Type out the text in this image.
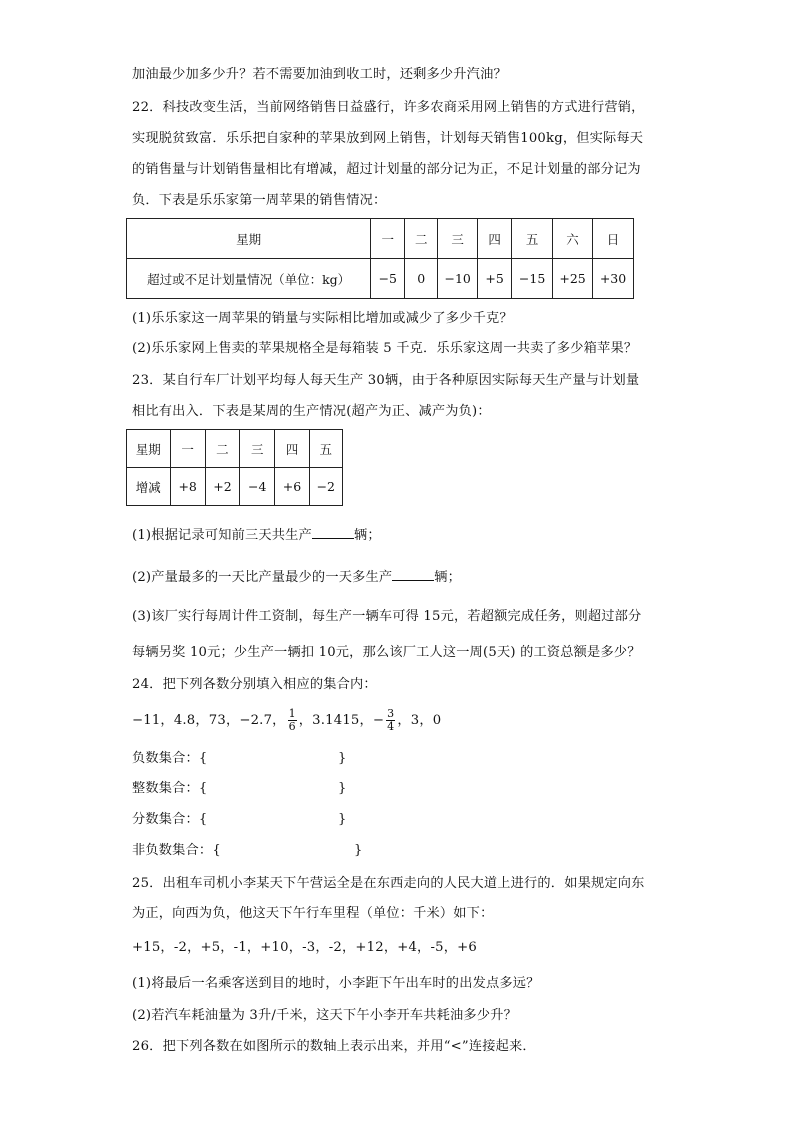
加油最少加多少升？若不需要加油到收工时，还剩多少升汽油？
22．科技改变生活，当前网络销售日益盛行，许多农商采用网上销售的方式进行营销，
实现脱贫致富．乐乐把自家种的苹果放到网上销售，计划每天销售100kg，但实际每天
的销售量与计划销售量相比有增减，超过计划量的部分记为正，不足计划量的部分记为
负．下表是乐乐家第一周苹果的销售情况：
星期	一	二	三	四	五	六	日
超过或不足计划量情况（单位：kg）	−5	0	−10	+5	−15	+25	+30
(1)乐乐家这一周苹果的销量与实际相比增加或减少了多少千克？
(2)乐乐家网上售卖的苹果规格全是每箱装 5 千克．乐乐家这周一共卖了多少箱苹果？
23．某自行车厂计划平均每人每天生产 30辆，由于各种原因实际每天生产量与计划量
相比有出入．下表是某周的生产情况(超产为正、减产为负)：
星期	一	二	三	四	五
增减	+8	+2	−4	+6	−2
(1)根据记录可知前三天共生产	辆；
(2)产量最多的一天比产量最少的一天多生产	辆；
(3)该厂实行每周计件工资制，每生产一辆车可得 15元，若超额完成任务，则超过部分
每辆另奖 10元；少生产一辆扣 10元，那么该厂工人这一周(5天) 的工资总额是多少？
24．把下列各数分别填入相应的集合内：
−11，4.8，73，−2.7， $\frac{1}{6}$ ，3.1415，− $\frac{3}{4}$ ，3，0
负数集合：{	}
整数集合：{	}
分数集合：{	}
非负数集合：{	}
25．出租车司机小李某天下午营运全是在东西走向的人民大道上进行的．如果规定向东
为正，向西为负，他这天下午行车里程（单位：千米）如下：
+15，-2，+5，-1，+10，-3，-2，+12，+4，-5，+6
(1)将最后一名乘客送到目的地时，小李距下午出车时的出发点多远？
(2)若汽车耗油量为 3升/千米，这天下午小李开车共耗油多少升？
26．把下列各数在如图所示的数轴上表示出来，并用“<”连接起来．
